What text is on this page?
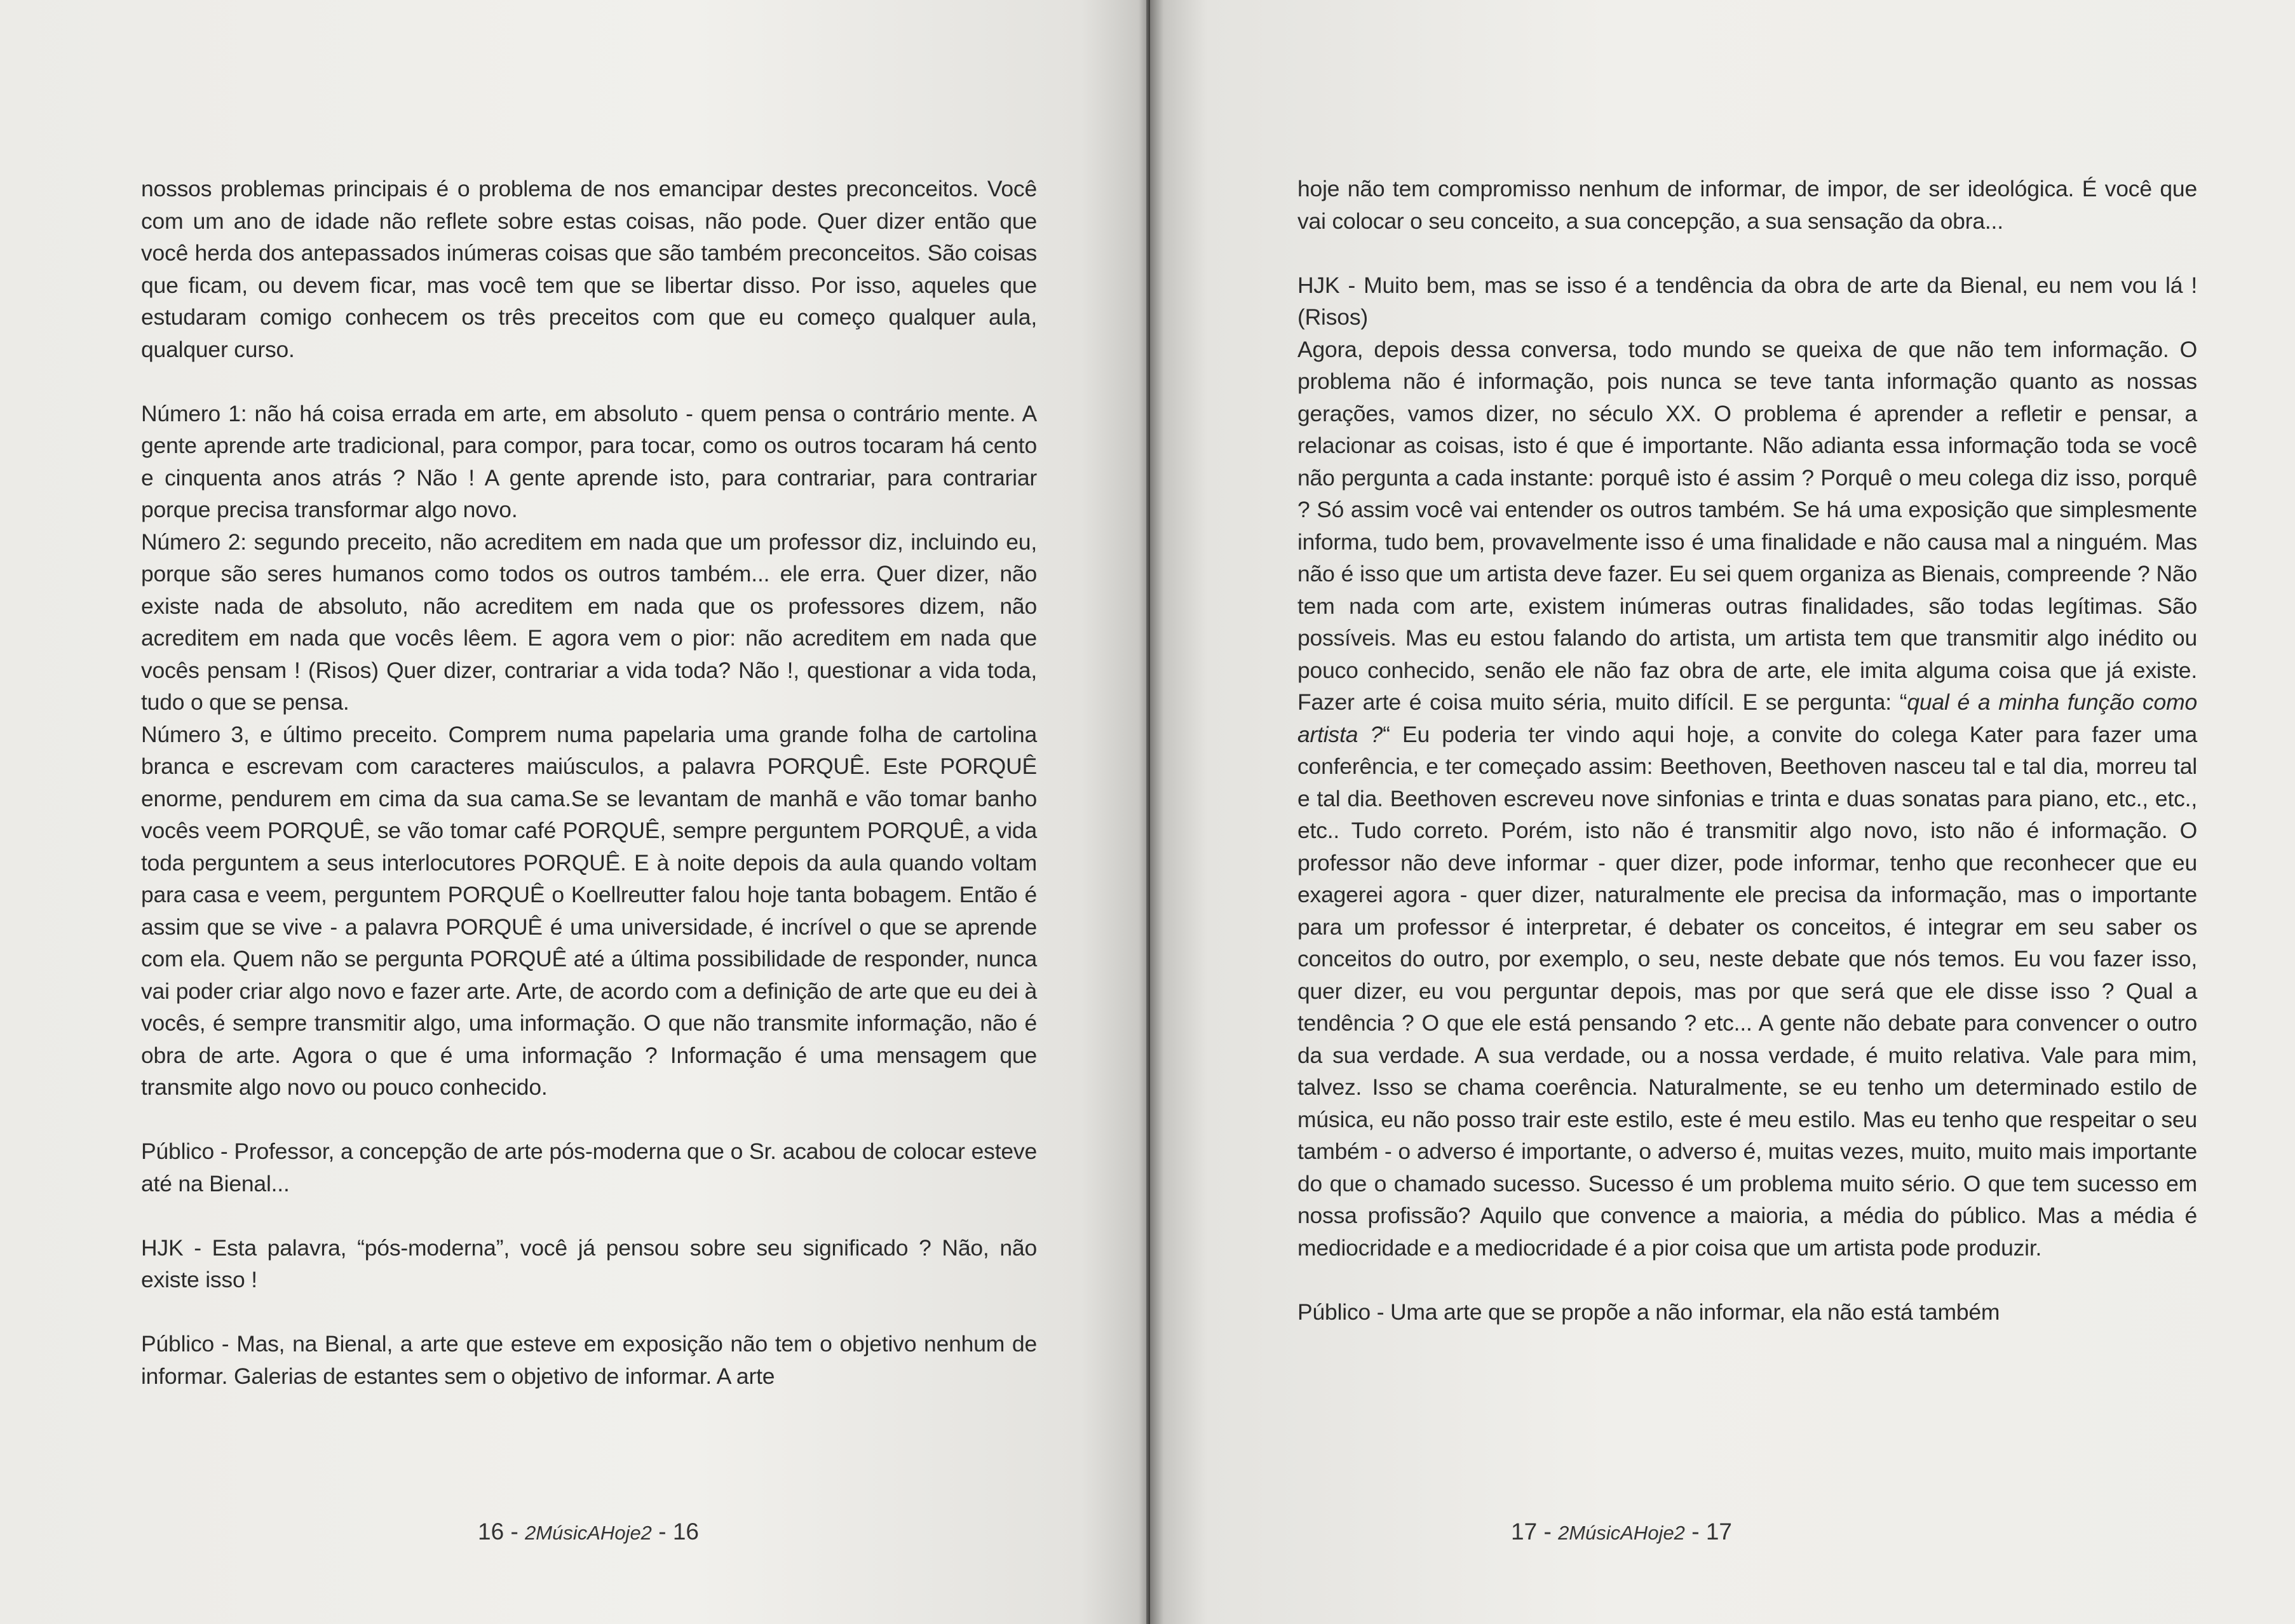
nossos problemas principais é o problema de nos emancipar destes preconceitos. Você com um ano de idade não reflete sobre estas coisas, não pode. Quer dizer então que você herda dos antepassados inúmeras coisas que são também preconceitos. São coisas que ficam, ou devem ficar, mas você tem que se libertar disso. Por isso, aqueles que estudaram comigo conhecem os três preceitos com que eu começo qualquer aula, qualquer curso.

Número 1: não há coisa errada em arte, em absoluto - quem pensa o contrário mente. A gente aprende arte tradicional, para compor, para tocar, como os outros tocaram há cento e cinquenta anos atrás ? Não ! A gente aprende isto, para contrariar, para contrariar porque precisa transformar algo novo.

Número 2: segundo preceito, não acreditem em nada que um professor diz, incluindo eu, porque são seres humanos como todos os outros também... ele erra. Quer dizer, não existe nada de absoluto, não acreditem em nada que os professores dizem, não acreditem em nada que vocês lêem. E agora vem o pior: não acreditem em nada que vocês pensam ! (Risos) Quer dizer, contrariar a vida toda? Não !, questionar a vida toda, tudo o que se pensa.

Número 3, e último preceito. Comprem numa papelaria uma grande folha de cartolina branca e escrevam com caracteres maiúsculos, a palavra PORQUÊ. Este PORQUÊ enorme, pendurem em cima da sua cama.Se se levantam de manhã e vão tomar banho vocês veem PORQUÊ, se vão tomar café PORQUÊ, sempre perguntem PORQUÊ, a vida toda perguntem a seus interlocutores PORQUÊ. E à noite depois da aula quando voltam para casa e veem, perguntem PORQUÊ o Koellreutter falou hoje tanta bobagem. Então é assim que se vive - a palavra PORQUÊ é uma universidade, é incrível o que se aprende com ela. Quem não se pergunta PORQUÊ até a última possibilidade de responder, nunca vai poder criar algo novo e fazer arte. Arte, de acordo com a definição de arte que eu dei à vocês, é sempre transmitir algo, uma informação. O que não transmite informação, não é obra de arte. Agora o que é uma informação ? Informação é uma mensagem que transmite algo novo ou pouco conhecido.

Público - Professor, a concepção de arte pós-moderna que o Sr. acabou de colocar esteve até na Bienal...

HJK - Esta palavra, “pós-moderna”, você já pensou sobre seu significado ? Não, não existe isso !

Público - Mas, na Bienal, a arte que esteve em exposição não tem o objetivo nenhum de informar. Galerias de estantes sem o objetivo de informar. A arte

16 - 2MúsicAHoje2 - 16

hoje não tem compromisso nenhum de informar, de impor, de ser ideológica. É você que vai colocar o seu conceito, a sua concepção, a sua sensação da obra...

HJK - Muito bem, mas se isso é a tendência da obra de arte da Bienal, eu nem vou lá ! (Risos)

Agora, depois dessa conversa, todo mundo se queixa de que não tem informação. O problema não é informação, pois nunca se teve tanta informação quanto as nossas gerações, vamos dizer, no século XX. O problema é aprender a refletir e pensar, a relacionar as coisas, isto é que é importante. Não adianta essa informação toda se você não pergunta a cada instante: porquê isto é assim ? Porquê o meu colega diz isso, porquê ? Só assim você vai entender os outros também. Se há uma exposição que simplesmente informa, tudo bem, provavelmente isso é uma finalidade e não causa mal a ninguém. Mas não é isso que um artista deve fazer. Eu sei quem organiza as Bienais, compreende ? Não tem nada com arte, existem inúmeras outras finalidades, são todas legítimas. São possíveis. Mas eu estou falando do artista, um artista tem que transmitir algo inédito ou pouco conhecido, senão ele não faz obra de arte, ele imita alguma coisa que já existe. Fazer arte é coisa muito séria, muito difícil. E se pergunta: “qual é a minha função como artista ?“ Eu poderia ter vindo aqui hoje, a convite do colega Kater para fazer uma conferência, e ter começado assim: Beethoven, Beethoven nasceu tal e tal dia, morreu tal e tal dia. Beethoven escreveu nove sinfonias e trinta e duas sonatas para piano, etc., etc., etc.. Tudo correto. Porém, isto não é transmitir algo novo, isto não é informação. O professor não deve informar - quer dizer, pode informar, tenho que reconhecer que eu exagerei agora - quer dizer, naturalmente ele precisa da informação, mas o importante para um professor é interpretar, é debater os conceitos, é integrar em seu saber os conceitos do outro, por exemplo, o seu, neste debate que nós temos. Eu vou fazer isso, quer dizer, eu vou perguntar depois, mas por que será que ele disse isso ? Qual a tendência ? O que ele está pensando ? etc... A gente não debate para convencer o outro da sua verdade. A sua verdade, ou a nossa verdade, é muito relativa. Vale para mim, talvez. Isso se chama coerência. Naturalmente, se eu tenho um determinado estilo de música, eu não posso trair este estilo, este é meu estilo. Mas eu tenho que respeitar o seu também - o adverso é importante, o adverso é, muitas vezes, muito, muito mais importante do que o chamado sucesso. Sucesso é um problema muito sério. O que tem sucesso em nossa profissão? Aquilo que convence a maioria, a média do público. Mas a média é mediocridade e a mediocridade é a pior coisa que um artista pode produzir.

Público - Uma arte que se propõe a não informar, ela não está também

17 - 2MúsicAHoje2 - 17
